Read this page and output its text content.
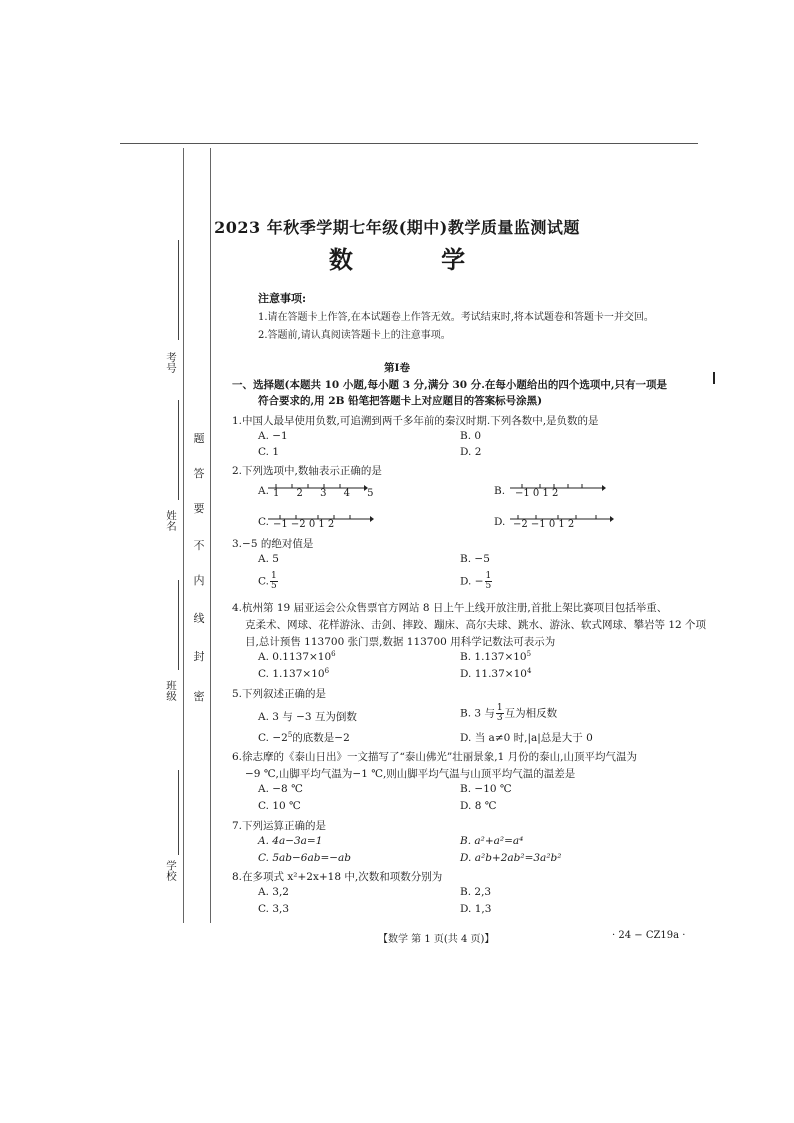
考号
姓名
班级
学校
题
答
要
不
内
线
封
密
2023 年秋季学期七年级(期中)教学质量监测试题
数 学
注意事项:
1.请在答题卡上作答,在本试题卷上作答无效。考试结束时,将本试题卷和答题卡一并交回。
2.答题前,请认真阅读答题卡上的注意事项。
第Ⅰ卷
一、选择题(本题共 10 小题,每小题 3 分,满分 30 分.在每小题给出的四个选项中,只有一项是
符合要求的,用 2B 铅笔把答题卡上对应题目的答案标号涂黑)
1.中国人最早使用负数,可追溯到两千多年前的秦汉时期.下列各数中,是负数的是
A. −1	B. 0
C. 1	D. 2
2.下列选项中,数轴表示正确的是
A. 1 2 3 4 5	B. −1 0 1 2
C. −1 −2 0 1 2	D. −2 −1 0 1 2
3.−5 的绝对值是
A. 5	B. −5
C. $\frac{1}{5}$	D. − $\frac{1}{5}$
4.杭州第 19 届亚运会公众售票官方网站 8 日上午上线开放注册,首批上架比赛项目包括举重、
克柔术、网球、花样游泳、击剑、摔跤、蹦床、高尔夫球、跳水、游泳、软式网球、攀岩等 12 个项
目,总计预售 113700 张门票,数据 113700 用科学记数法可表示为
A. $0.1137\times 10^6$	B. $1.137\times 10^5$
C. $1.137\times 10^6$	D. $11.37\times 10^4$
5.下列叙述正确的是
A. 3 与 −3 互为倒数	B. 3 与 $\frac{1}{3}$ 互为相反数
C. $-2^5$的底数是−2	D. 当 a≠0 时,|a|总是大于 0
6.徐志摩的《泰山日出》一文描写了“泰山佛光”壮丽景象,1 月份的泰山,山顶平均气温为
−9 ℃,山脚平均气温为−1 ℃,则山脚平均气温与山顶平均气温的温差是
A. −8 ℃	B. −10 ℃
C. 10 ℃	D. 8 ℃
7.下列运算正确的是
A. 4a−3a=1	B. a²+a²=a⁴
C. 5ab−6ab=−ab	D. a²b+2ab²=3a²b²
8.在多项式 x²+2x+18 中,次数和项数分别为
A. 3,2	B. 2,3
C. 3,3	D. 1,3
【数学 第 1 页(共 4 页)】	· 24 − CZ19a ·
